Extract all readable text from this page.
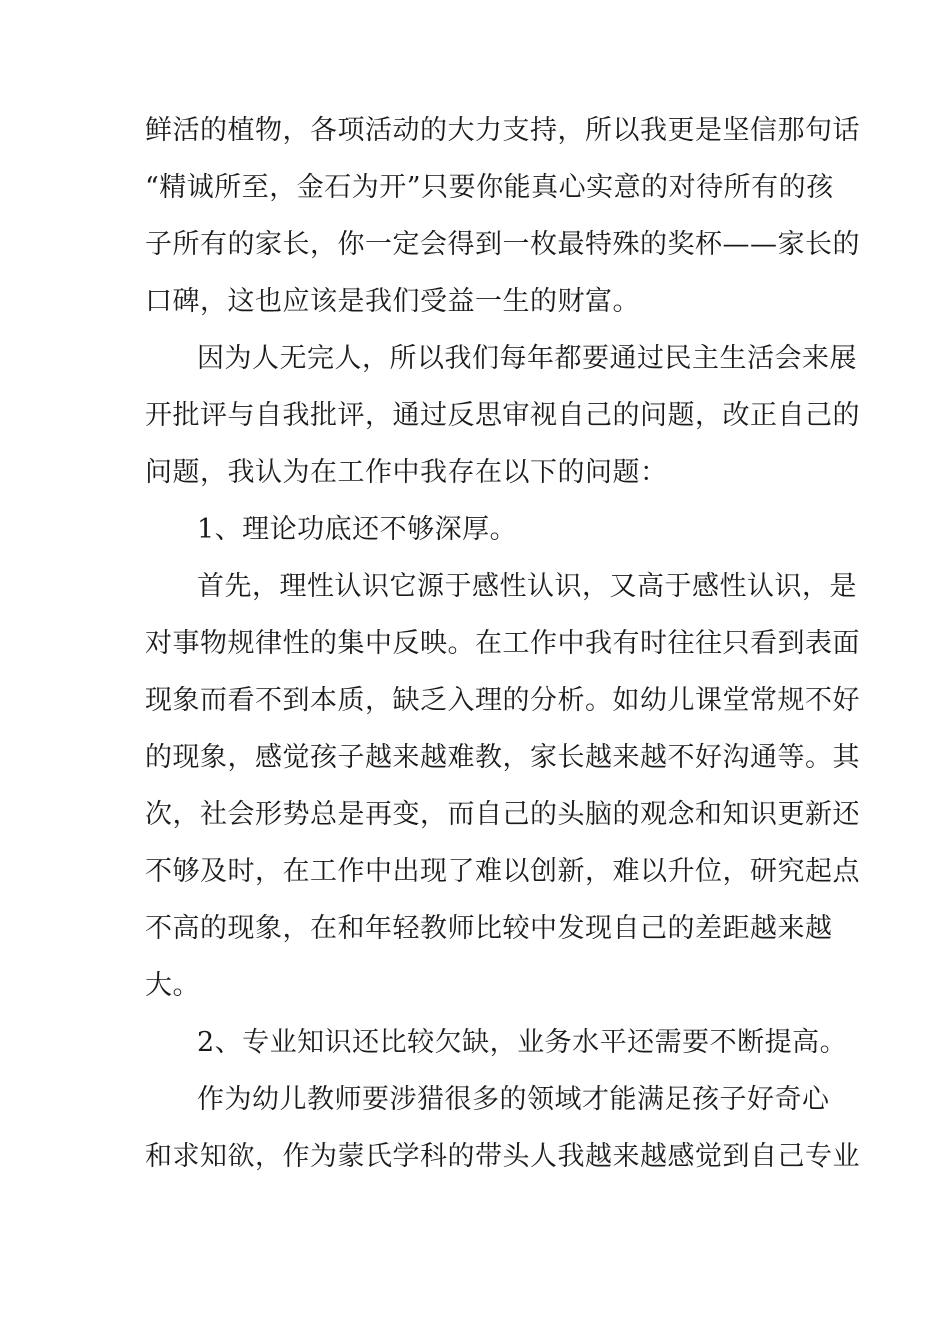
鲜活的植物，各项活动的大力支持，所以我更是坚信那句话
“精诚所至，金石为开”只要你能真心实意的对待所有的孩
子所有的家长，你一定会得到一枚最特殊的奖杯——家长的
口碑，这也应该是我们受益一生的财富。
因为人无完人，所以我们每年都要通过民主生活会来展
开批评与自我批评，通过反思审视自己的问题，改正自己的
问题，我认为在工作中我存在以下的问题：
1、理论功底还不够深厚。
首先，理性认识它源于感性认识，又高于感性认识，是
对事物规律性的集中反映。在工作中我有时往往只看到表面
现象而看不到本质，缺乏入理的分析。如幼儿课堂常规不好
的现象，感觉孩子越来越难教，家长越来越不好沟通等。其
次，社会形势总是再变，而自己的头脑的观念和知识更新还
不够及时，在工作中出现了难以创新，难以升位，研究起点
不高的现象，在和年轻教师比较中发现自己的差距越来越
大。
2、专业知识还比较欠缺，业务水平还需要不断提高。
作为幼儿教师要涉猎很多的领域才能满足孩子好奇心
和求知欲，作为蒙氏学科的带头人我越来越感觉到自己专业
